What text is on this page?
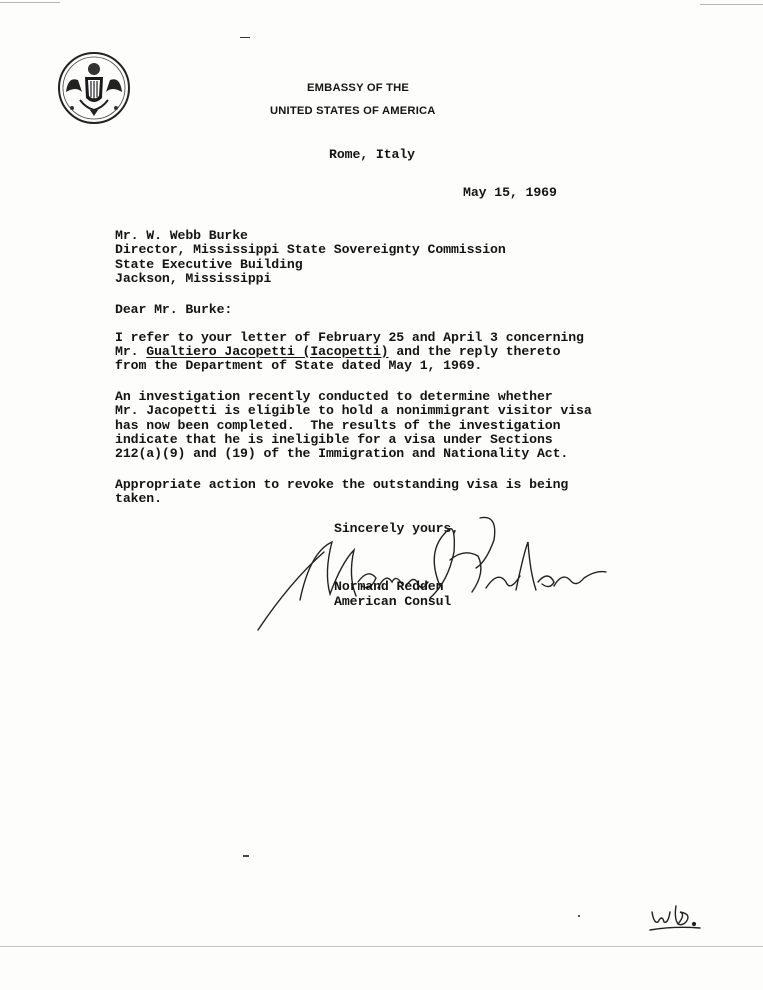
EMBASSY OF THE
UNITED STATES OF AMERICA
Rome, Italy
May 15, 1969
Mr. W. Webb Burke
Director, Mississippi State Sovereignty Commission
State Executive Building
Jackson, Mississippi
Dear Mr. Burke:
I refer to your letter of February 25 and April 3 concerning
Mr. Gualtiero Jacopetti (Iacopetti) and the reply thereto
from the Department of State dated May 1, 1969.
An investigation recently conducted to determine whether
Mr. Jacopetti is eligible to hold a nonimmigrant visitor visa
has now been completed.  The results of the investigation
indicate that he is ineligible for a visa under Sections
212(a)(9) and (19) of the Immigration and Nationality Act.
Appropriate action to revoke the outstanding visa is being
taken.
Sincerely yours,
Normand Redden
American Consul
